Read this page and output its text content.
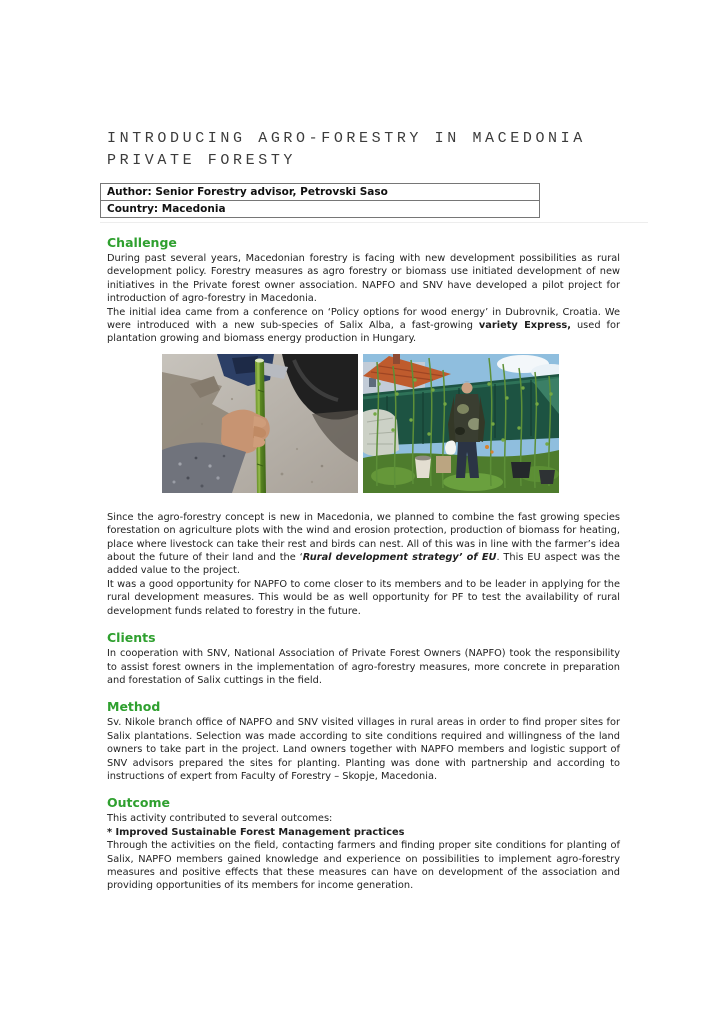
INTRODUCING AGRO-FORESTRY IN MACEDONIA
PRIVATE FORESTY
Author: Senior Forestry advisor, Petrovski Saso
Country: Macedonia
Challenge

During past several years, Macedonian forestry is facing with new development possibilities as rural development policy. Forestry measures as agro forestry or biomass use initiated development of new initiatives in the Private forest owner association. NAPFO and SNV have developed a pilot project for introduction of agro-forestry in Macedonia.

The initial idea came from a conference on ‘Policy options for wood energy’ in Dubrovnik, Croatia. We were introduced with a new sub-species of Salix Alba, a fast-growing variety Express, used for plantation growing and biomass energy production in Hungary.

Since the agro-forestry concept is new in Macedonia, we planned to combine the fast growing species forestation on agriculture plots with the wind and erosion protection, production of biomass for heating, place where livestock can take their rest and birds can nest. All of this was in line with the farmer’s idea about the future of their land and the ‘Rural development strategy’ of EU. This EU aspect was the added value to the project.

It was a good opportunity for NAPFO to come closer to its members and to be leader in applying for the rural development measures. This would be as well opportunity for PF to test the availability of rural development funds related to forestry in the future.

Clients

In cooperation with SNV, National Association of Private Forest Owners (NAPFO) took the responsibility to assist forest owners in the implementation of agro-forestry measures, more concrete in preparation and forestation of Salix cuttings in the field.

Method

Sv. Nikole branch office of NAPFO and SNV visited villages in rural areas in order to find proper sites for Salix plantations. Selection was made according to site conditions required and willingness of the land owners to take part in the project. Land owners together with NAPFO members and logistic support of SNV advisors prepared the sites for planting. Planting was done with partnership and according to instructions of expert from Faculty of Forestry – Skopje, Macedonia.

Outcome

This activity contributed to several outcomes:

* Improved Sustainable Forest Management practices

Through the activities on the field, contacting farmers and finding proper site conditions for planting of Salix, NAPFO members gained knowledge and experience on possibilities to implement agro-forestry measures and positive effects that these measures can have on development of the association and providing opportunities of its members for income generation.
